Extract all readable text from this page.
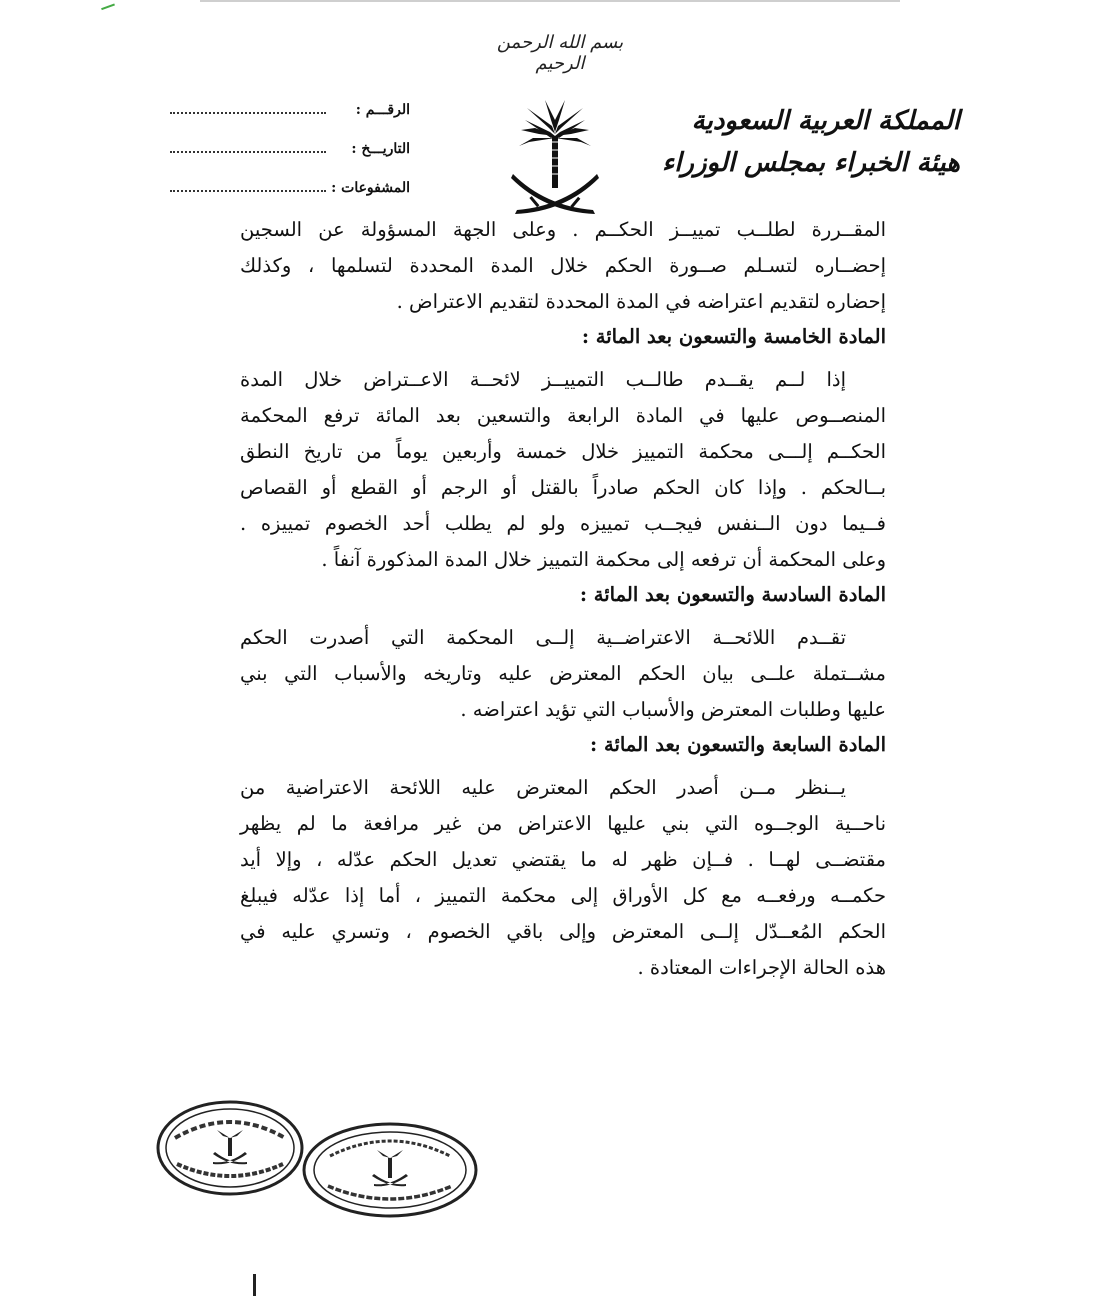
بسم الله الرحمن الرحيم
المملكة العربية السعودية
هيئة الخبراء بمجلس الوزراء
الرقـــم :
التاريـــخ :
المشفوعات :
المقــررة لطلــب تمييــز الحكــم . وعلى الجهة المسؤولة عن السجين
إحضــاره لتسـلم صــورة الحكم خلال المدة المحددة لتسلمها ، وكذلك
إحضاره لتقديم اعتراضه في المدة المحددة لتقديم الاعتراض .
المادة الخامسة والتسعون بعد المائة :
إذا لــم يقــدم طالــب التمييــز لائحــة الاعــتراض خلال المدة
المنصــوص عليها في المادة الرابعة والتسعين بعد المائة ترفع المحكمة
الحكــم إلـــى محكمة التمييز خلال خمسة وأربعين يوماً من تاريخ النطق
بــالحكم . وإذا كان الحكم صادراً بالقتل أو الرجم أو القطع أو القصاص
فــيما دون الــنفس فيجــب تمييزه ولو لم يطلب أحد الخصوم تمييزه .
وعلى المحكمة أن ترفعه إلى محكمة التمييز خلال المدة المذكورة آنفاً .
المادة السادسة والتسعون بعد المائة :
تقــدم اللائحــة الاعتراضــية إلــى المحكمة التي أصدرت الحكم
مشــتملة علــى بيان الحكم المعترض عليه وتاريخه والأسباب التي بني
عليها وطلبات المعترض والأسباب التي تؤيد اعتراضه .
المادة السابعة والتسعون بعد المائة :
يــنظر مــن أصدر الحكم المعترض عليه اللائحة الاعتراضية من
ناحــية الوجــوه التي بني عليها الاعتراض من غير مرافعة ما لم يظهر
مقتضــى لهــا . فــإن ظهر له ما يقتضي تعديل الحكم عدّله ، وإلا أيد
حكمــه ورفعــه مع كل الأوراق إلى محكمة التمييز ، أما إذا عدّله فيبلغ
الحكم المُعــدّل إلــى المعترض وإلى باقي الخصوم ، وتسري عليه في
هذه الحالة الإجراءات المعتادة .
